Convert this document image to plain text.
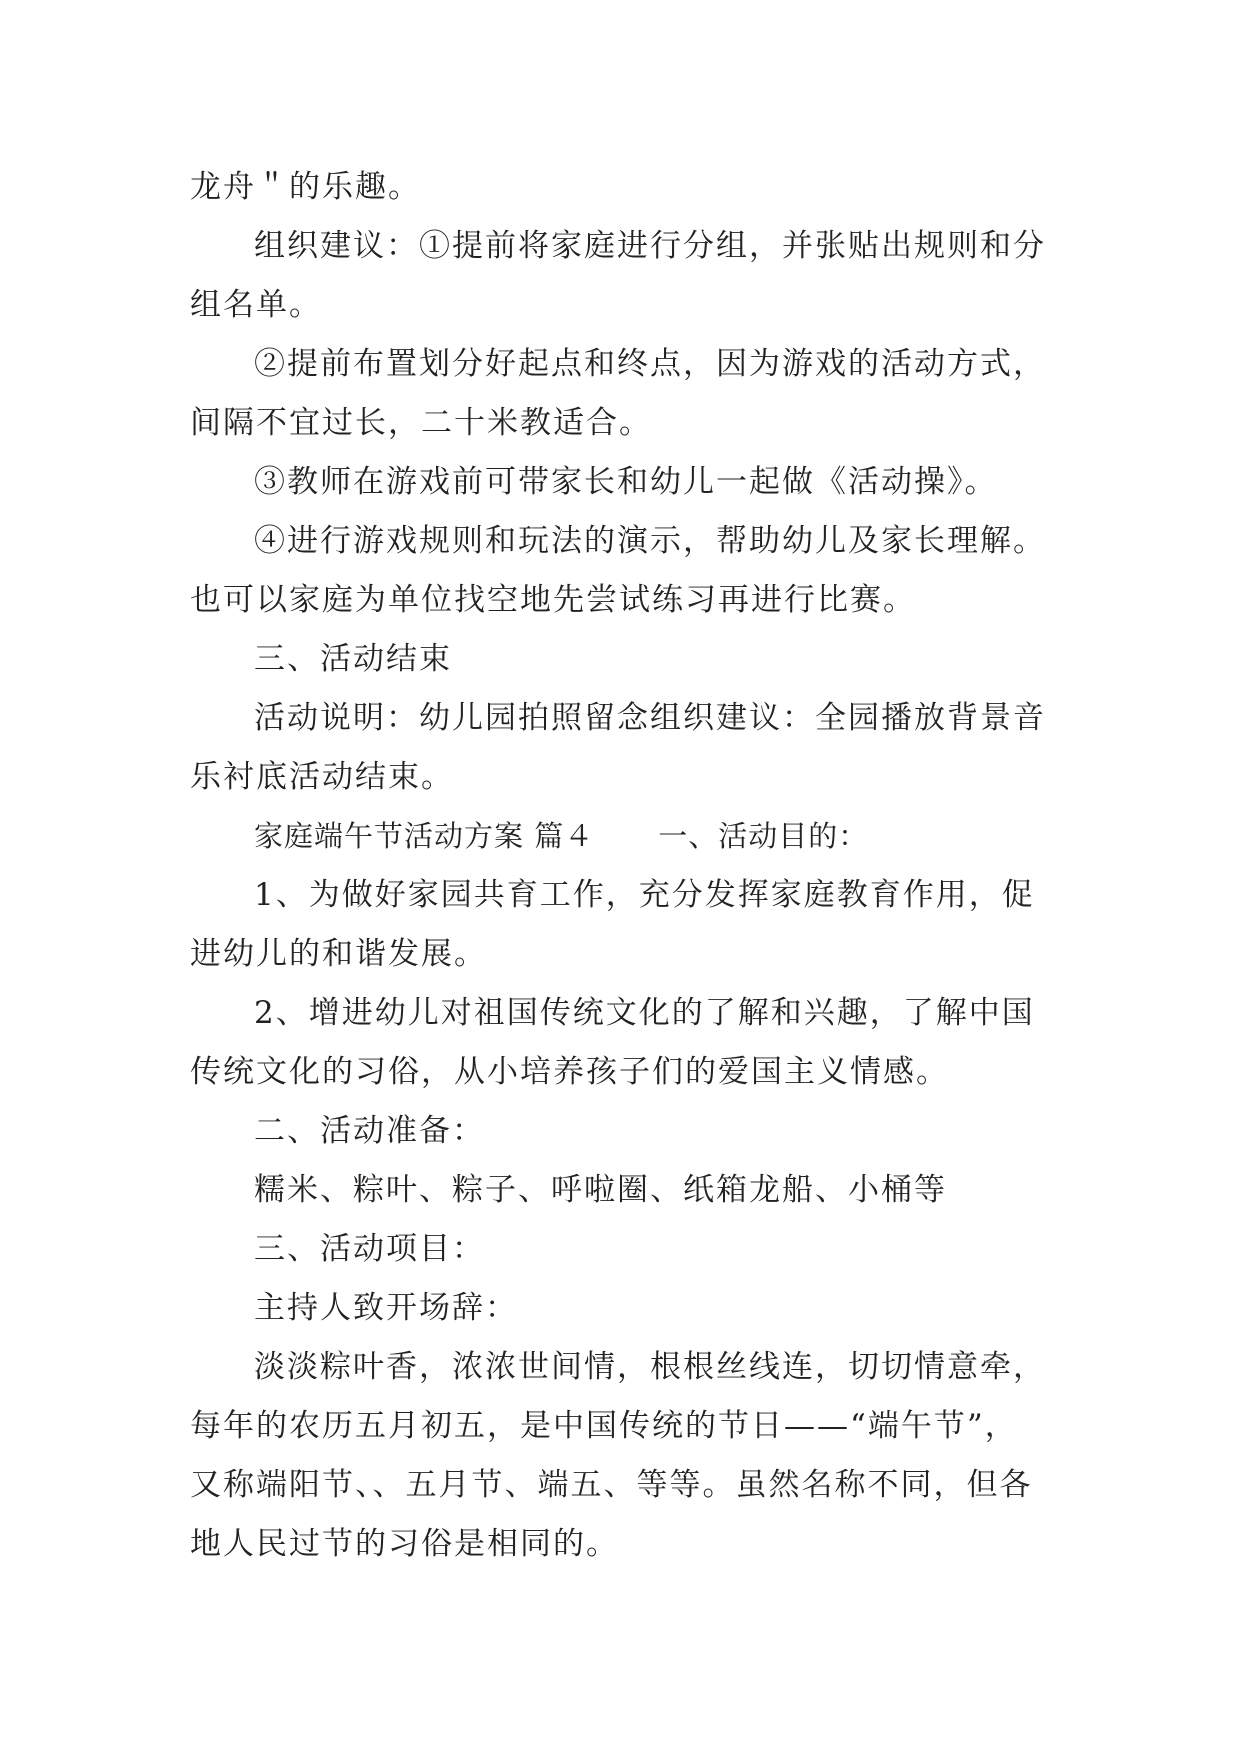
龙舟＂的乐趣。
组织建议：①提前将家庭进行分组，并张贴出规则和分
组名单。
②提前布置划分好起点和终点，因为游戏的活动方式，
间隔不宜过长，二十米教适合。
③教师在游戏前可带家长和幼儿一起做《活动操》。
④进行游戏规则和玩法的演示，帮助幼儿及家长理解。
也可以家庭为单位找空地先尝试练习再进行比赛。
三、活动结束
活动说明：幼儿园拍照留念组织建议：全园播放背景音
乐衬底活动结束。
家庭端午节活动方案 篇４ 一、活动目的：
1、为做好家园共育工作，充分发挥家庭教育作用，促
进幼儿的和谐发展。
2、增进幼儿对祖国传统文化的了解和兴趣，了解中国
传统文化的习俗，从小培养孩子们的爱国主义情感。
二、活动准备：
糯米、粽叶、粽子、呼啦圈、纸箱龙船、小桶等
三、活动项目：
主持人致开场辞：
淡淡粽叶香，浓浓世间情，根根丝线连，切切情意牵，
每年的农历五月初五，是中国传统的节日——“端午节”，
又称端阳节、、五月节、端五、等等。虽然名称不同，但各
地人民过节的习俗是相同的。
